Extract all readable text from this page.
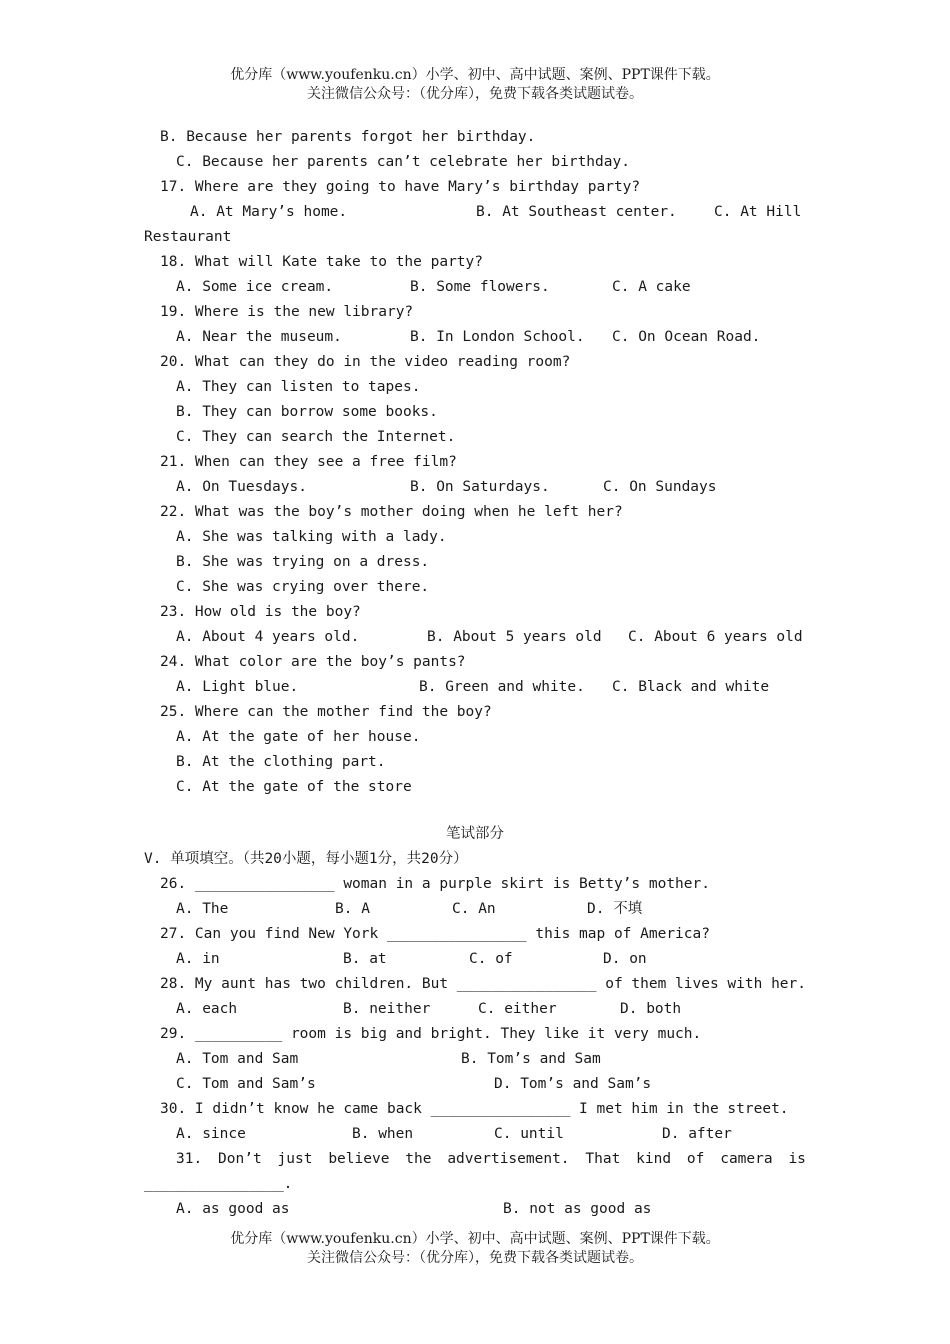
优分库（www.youfenku.cn）小学、初中、高中试题、案例、PPT课件下载。
关注微信公众号：（优分库），免费下载各类试题试卷。
B. Because her parents forgot her birthday.
C. Because her parents can’t celebrate her birthday.
17. Where are they going to have Mary’s birthday party?
A. At Mary’s home.	B. At Southeast center.	C. At Hill
Restaurant
18. What will Kate take to the party?
A. Some ice cream.	B. Some flowers.	C. A cake
19. Where is the new library?
A. Near the museum.	B. In London School. C. On Ocean Road.
20. What can they do in the video reading room?
A. They can listen to tapes.
B. They can borrow some books.
C. They can search the Internet.
21. When can they see a free film?
A. On Tuesdays.	B. On Saturdays.	C. On Sundays
22. What was the boy’s mother doing when he left her?
A. She was talking with a lady.
B. She was trying on a dress.
C. She was crying over there.
23. How old is the boy?
A. About 4 years old.	B. About 5 years old C. About 6 years old
24. What color are the boy’s pants?
A. Light blue.	B. Green and white. C. Black and white
25. Where can the mother find the boy?
A. At the gate of her house.
B. At the clothing part.
C. At the gate of the store
笔试部分
V. 单项填空。（共20小题，每小题1分，共20分）
26. ________________ woman in a purple skirt is Betty’s mother.
A. The	B. A	C. An	D. 不填
27. Can you find New York ________________ this map of America?
A. in	B. at	C. of	D. on
28. My aunt has two children. But ________________ of them lives with her.
A. each	B. neither	C. either	D. both
29. __________ room is big and bright. They like it very much.
A. Tom and Sam	B. Tom’s and Sam
C. Tom and Sam’s	D. Tom’s and Sam’s
30. I didn’t know he came back ________________ I met him in the street.
A. since	B. when	C. until	D. after
31. Don’t just believe the advertisement. That kind of camera is
________________.
A. as good as	B. not as good as
优分库（www.youfenku.cn）小学、初中、高中试题、案例、PPT课件下载。
关注微信公众号：（优分库），免费下载各类试题试卷。
